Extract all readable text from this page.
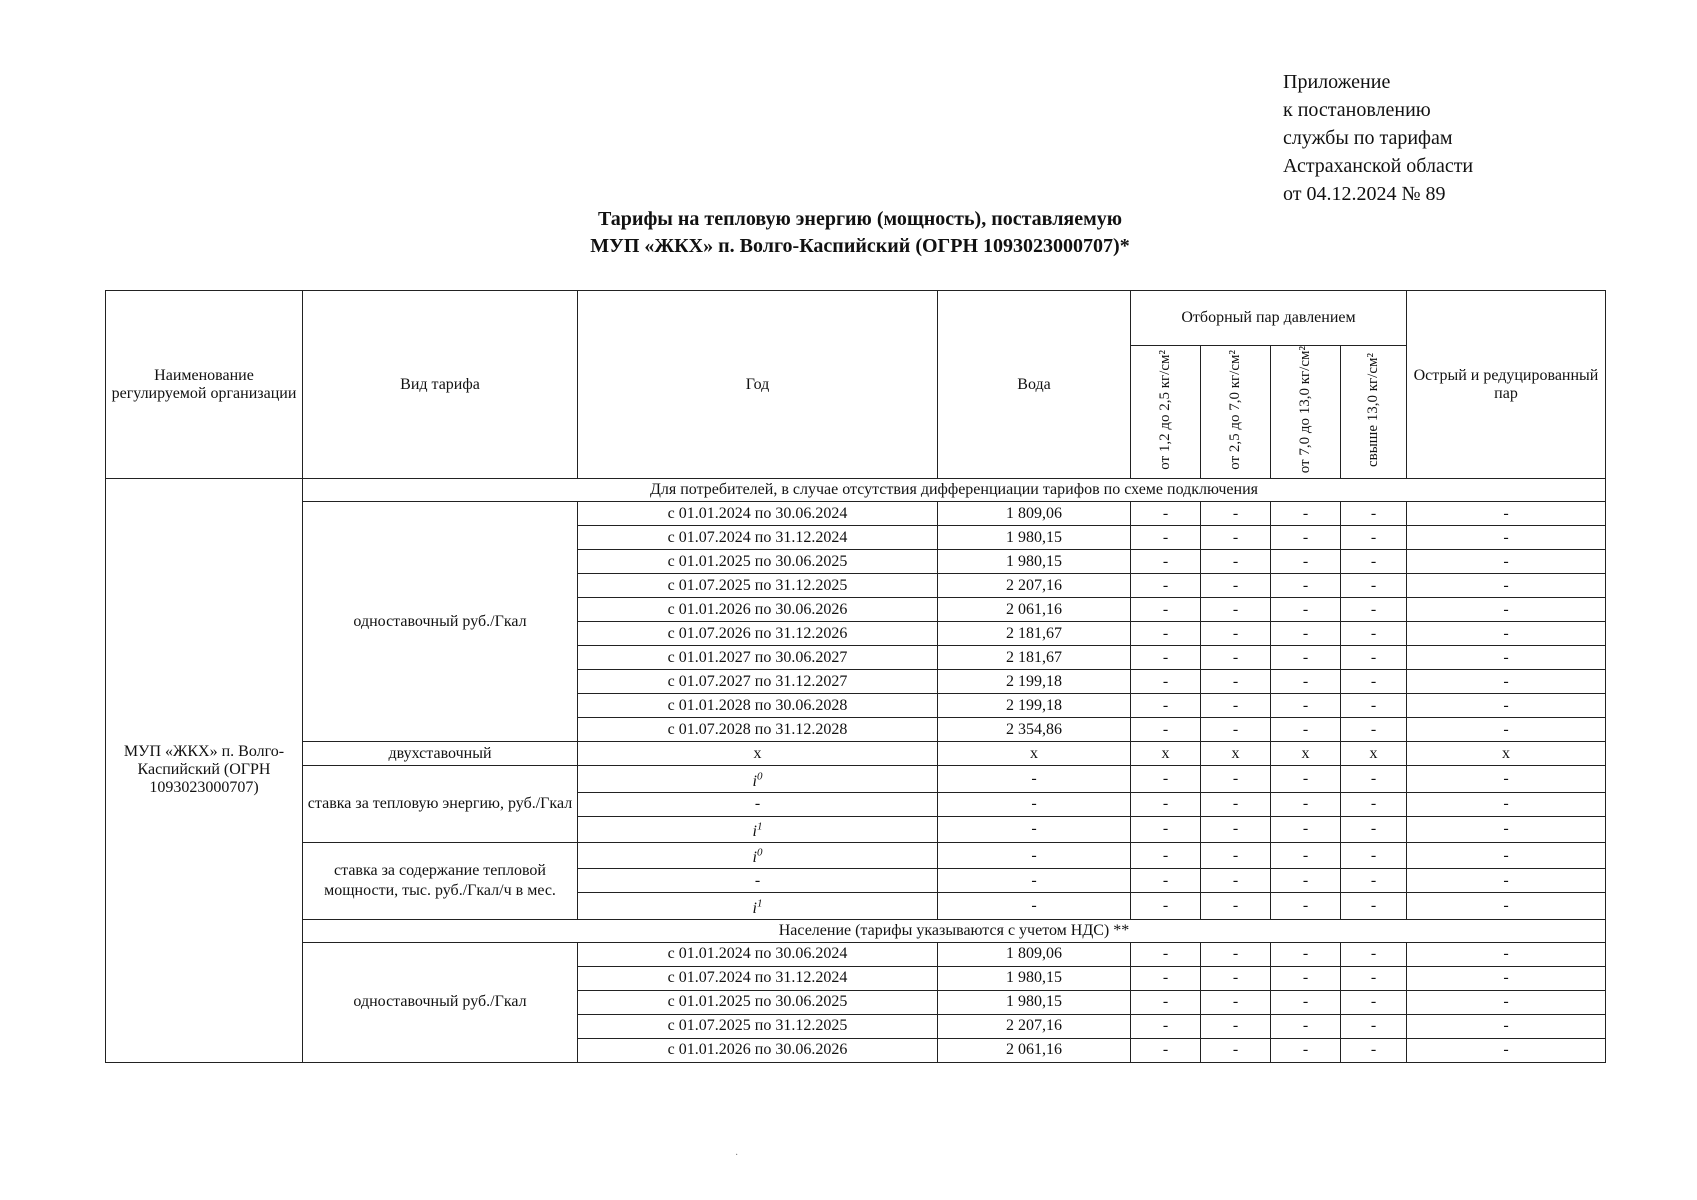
Приложение
к постановлению
службы по тарифам
Астраханской области
от 04.12.2024 № 89
Тарифы на тепловую энергию (мощность), поставляемую
МУП «ЖКХ» п. Волго-Каспийский (ОГРН 1093023000707)*
Наименование регулируемой организации	Вид тарифа	Год	Вода	Отборный пар давлением				Острый и редуцированный пар
				от 1,2 до 2,5 кг/см²	от 2,5 до 7,0 кг/см²	от 7,0 до 13,0 кг/см²	свыше 13,0 кг/см²	
МУП «ЖКХ» п. Волго-Каспийский (ОГРН 1093023000707)	Для потребителей, в случае отсутствия дифференциации тарифов по схеме подключения							
	одноставочный руб./Гкал	с 01.01.2024 по 30.06.2024	1 809,06	-	-	-	-	-
		с 01.07.2024 по 31.12.2024	1 980,15	-	-	-	-	-
		с 01.01.2025 по 30.06.2025	1 980,15	-	-	-	-	-
		с 01.07.2025 по 31.12.2025	2 207,16	-	-	-	-	-
		с 01.01.2026 по 30.06.2026	2 061,16	-	-	-	-	-
		с 01.07.2026 по 31.12.2026	2 181,67	-	-	-	-	-
		с 01.01.2027 по 30.06.2027	2 181,67	-	-	-	-	-
		с 01.07.2027 по 31.12.2027	2 199,18	-	-	-	-	-
		с 01.01.2028 по 30.06.2028	2 199,18	-	-	-	-	-
		с 01.07.2028 по 31.12.2028	2 354,86	-	-	-	-	-
	двухставочный	x	x	x	x	x	x	x
	ставка за тепловую энергию, руб./Гкал	$i^0$	-	-	-	-	-	-
		-	-	-	-	-	-	-
		$i^1$	-	-	-	-	-	-
	ставка за содержание тепловой мощности, тыс. руб./Гкал/ч в мес.	$i^0$	-	-	-	-	-	-
		-	-	-	-	-	-	-
		$i^1$	-	-	-	-	-	-
	Население (тарифы указываются с учетом НДС) **							
	одноставочный руб./Гкал	с 01.01.2024 по 30.06.2024	1 809,06	-	-	-	-	-
		с 01.07.2024 по 31.12.2024	1 980,15	-	-	-	-	-
		с 01.01.2025 по 30.06.2025	1 980,15	-	-	-	-	-
		с 01.07.2025 по 31.12.2025	2 207,16	-	-	-	-	-
		с 01.01.2026 по 30.06.2026	2 061,16	-	-	-	-	-
·
